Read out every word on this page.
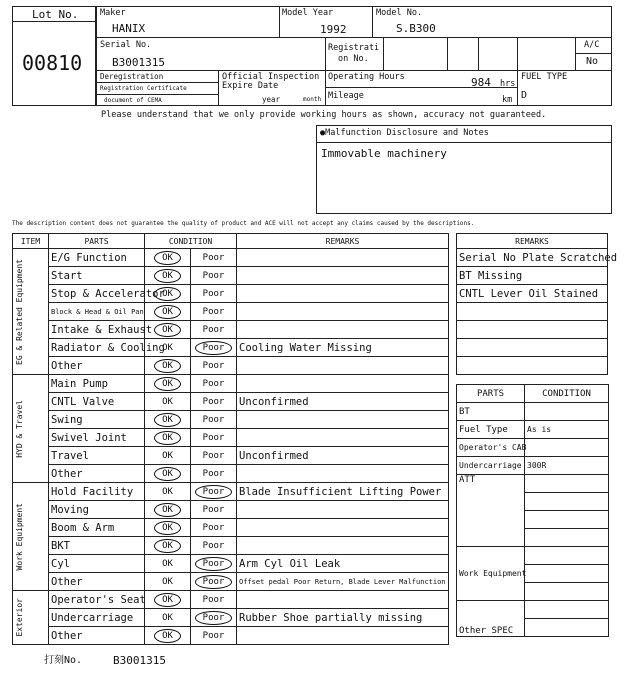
Lot No.
00810
Maker
HANIX
Model Year
1992
Model No.
S.B300
Serial No.
B3001315
Registrati
on No.
A/C
No
Deregistration
Registration Certificate
document of CEMA
Official Inspection
Expire Date
year	month
Operating Hours	984 hrs
Mileage	km
FUEL TYPE
D
Please understand that we only provide working hours as shown, accuracy not guaranteed.
●Malfunction Disclosure and Notes
Immovable machinery
The description content does not guarantee the quality of product and ACE will not accept any claims caused by the descriptions.
ITEM	PARTS	CONDITION		REMARKS

EG & Related Equipment	E/G Function	OK	Poor	
	Start	OK	Poor	
	Stop & Accelerator	OK	Poor	
	Block & Head & Oil Pan	OK	Poor	
	Intake & Exhaust	OK	Poor	
	Radiator & Cooling	OK	Poor	Cooling Water Missing
	Other	OK	Poor	

HYD & Travel	Main Pump	OK	Poor	
	CNTL Valve	OK	Poor	Unconfirmed
	Swing	OK	Poor	
	Swivel Joint	OK	Poor	
	Travel	OK	Poor	Unconfirmed
	Other	OK	Poor	

Work Equipment	Hold Facility	OK	Poor	Blade Insufficient Lifting Power
	Moving	OK	Poor	
	Boom & Arm	OK	Poor	
	BKT	OK	Poor	
	Cyl	OK	Poor	Arm Cyl Oil Leak
	Other	OK	Poor	Offset pedal Poor Return, Blade Lever Malfunction

Exterior	Operator's Seat	OK	Poor	
	Undercarriage	OK	Poor	Rubber Shoe partially missing
	Other	OK	Poor	
REMARKS
Serial No Plate Scratched
BT Missing
CNTL Lever Oil Stained

PARTS	CONDITION
BT	
Fuel Type	As is
Operator's CAB	
Undercarriage	300R
ATT	

Work Equipment	

Other SPEC	

打刻No.	B3001315
